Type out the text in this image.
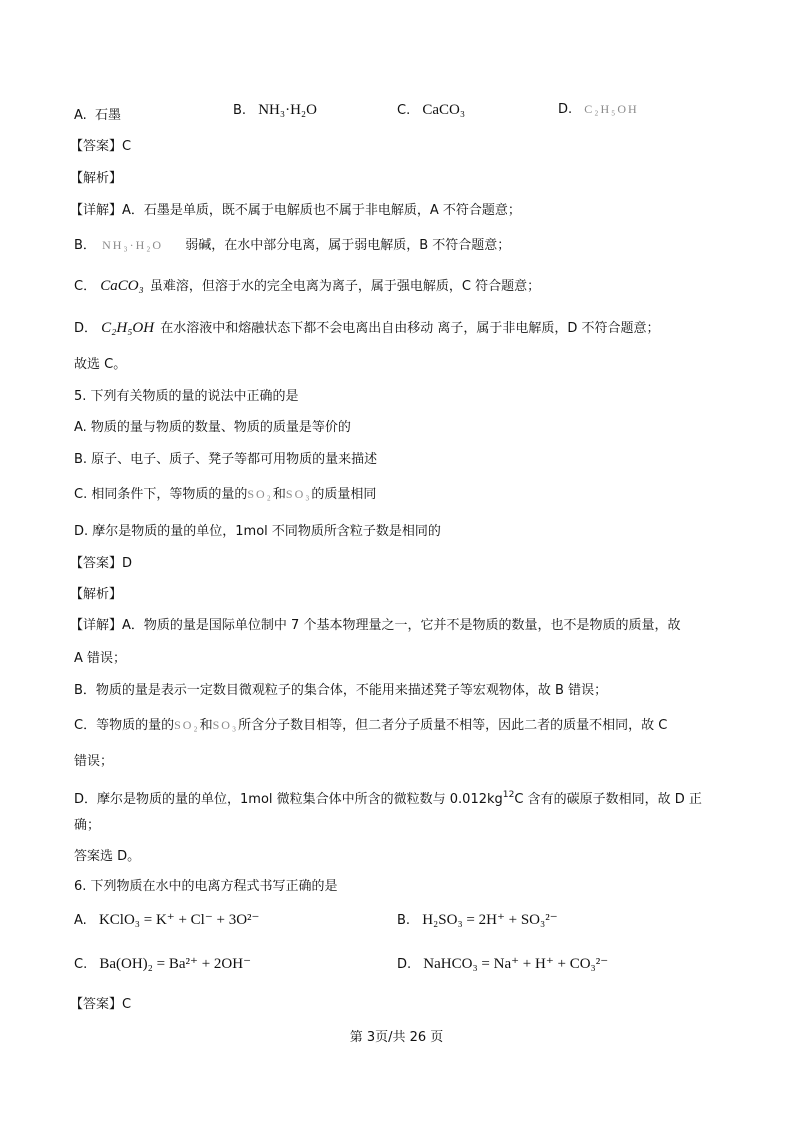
A. 石墨	B. NH₃·H₂O	C. CaCO₃	D. C₂H₅OH
【答案】C
【解析】
【详解】A．石墨是单质，既不属于电解质也不属于非电解质，A 不符合题意；
B． NH₃·H₂O 弱碱，在水中部分电离，属于弱电解质，B 不符合题意；
C． CaCO₃ 虽难溶，但溶于水的完全电离为离子，属于强电解质，C 符合题意；
D． C₂H₅OH 在水溶液中和熔融状态下都不会电离出自由移动 离子，属于非电解质，D 不符合题意；
故选 C。
5. 下列有关物质的量的说法中正确的是
A. 物质的量与物质的数量、物质的质量是等价的
B. 原子、电子、质子、凳子等都可用物质的量来描述
C. 相同条件下，等物质的量的SO₂和SO₃的质量相同
D. 摩尔是物质的量的单位，1mol 不同物质所含粒子数是相同的
【答案】D
【解析】
【详解】A．物质的量是国际单位制中 7 个基本物理量之一，它并不是物质的数量，也不是物质的质量，故
A 错误；
B．物质的量是表示一定数目微观粒子的集合体，不能用来描述凳子等宏观物体，故 B 错误；
C．等物质的量的SO₂和SO₃所含分子数目相等，但二者分子质量不相等，因此二者的质量不相同，故 C
错误；
D．摩尔是物质的量的单位，1mol 微粒集合体中所含的微粒数与 $0.012kg^{12}C$ 含有的碳原子数相同，故 D 正
确；
答案选 D。
6. 下列物质在水中的电离方程式书写正确的是
A. KClO₃ = K⁺ + Cl⁻ + 3O²⁻	B. H₂SO₃ = 2H⁺ + SO₃²⁻
C. Ba(OH)₂ = Ba²⁺ + 2OH⁻	D. NaHCO₃ = Na⁺ + H⁺ + CO₃²⁻
【答案】C
第 3页/共 26 页
